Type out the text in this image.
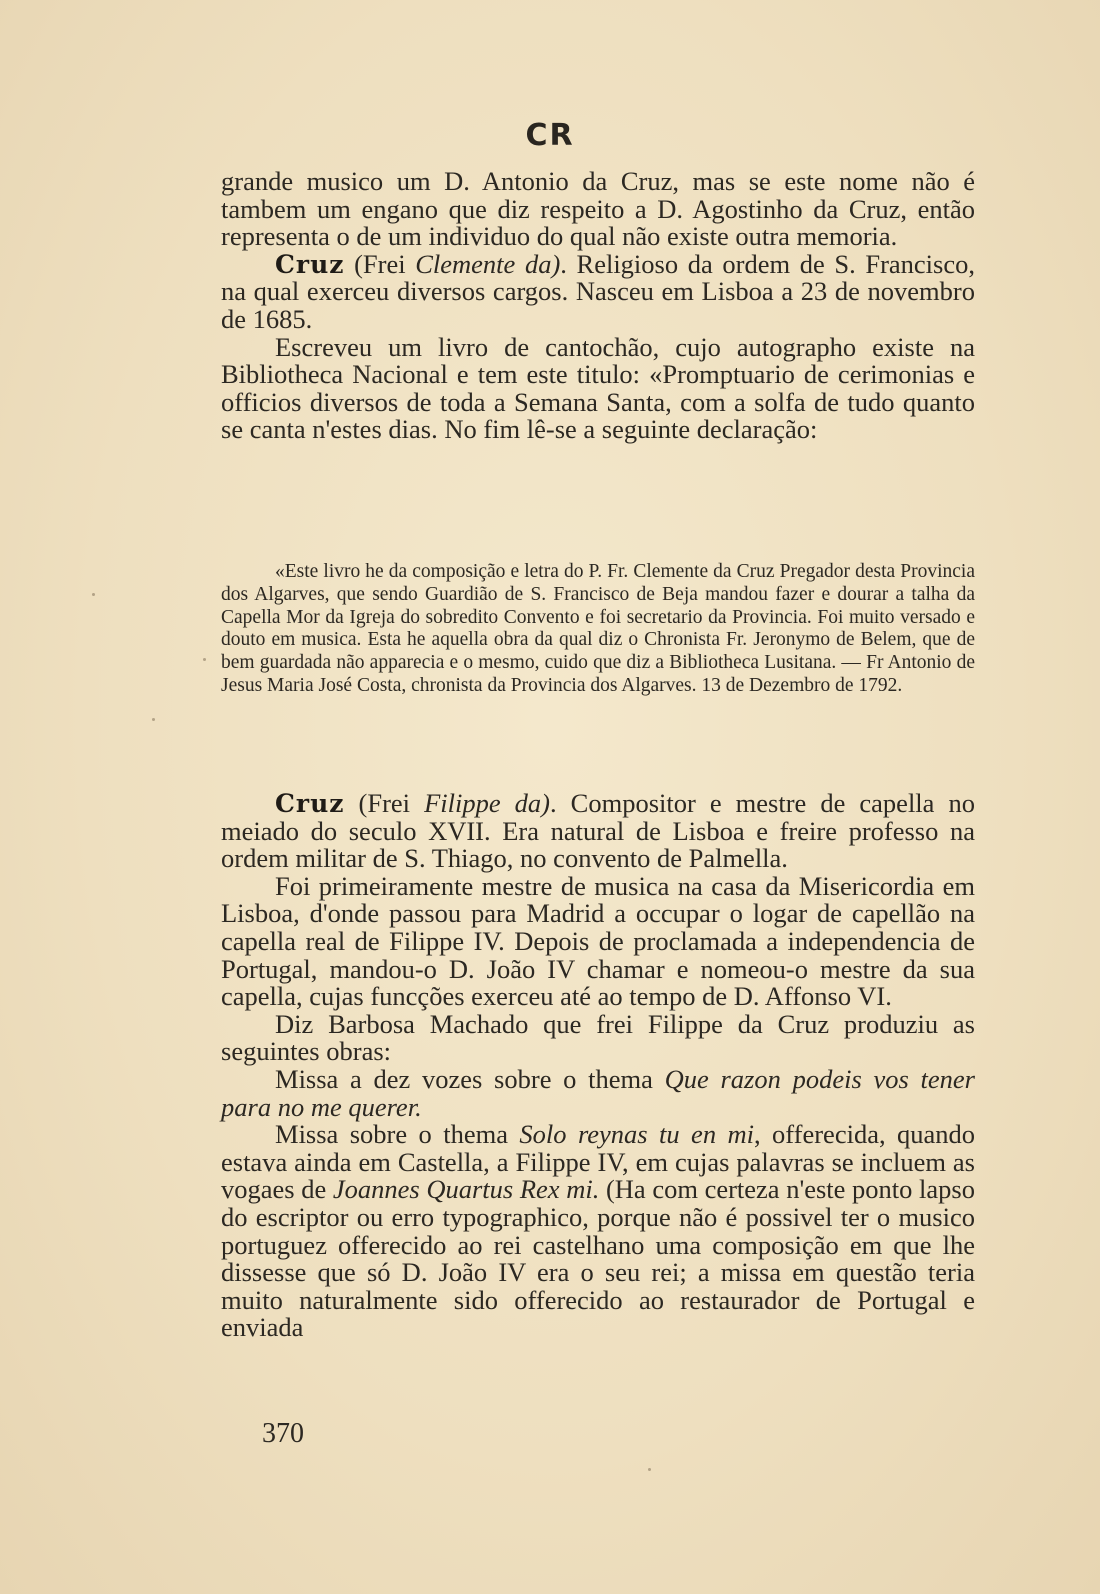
CR

grande musico um D. Antonio da Cruz, mas se este nome não é tambem um engano que diz respeito a D. Agostinho da Cruz, então representa o de um individuo do qual não existe outra memoria.

Cruz (Frei Clemente da). Religioso da ordem de S. Francisco, na qual exerceu diversos cargos. Nasceu em Lisboa a 23 de novembro de 1685.

Escreveu um livro de cantochão, cujo autographo existe na Bibliotheca Nacional e tem este titulo: «Promptuario de cerimonias e officios diversos de toda a Semana Santa, com a solfa de tudo quanto se canta n'estes dias. No fim lê-se a seguinte declaração:

«Este livro he da composição e letra do P. Fr. Clemente da Cruz Pregador desta Provincia dos Algarves, que sendo Guardião de S. Francisco de Beja mandou fazer e dourar a talha da Capella Mor da Igreja do sobredito Convento e foi secretario da Provincia. Foi muito versado e douto em musica. Esta he aquella obra da qual diz o Chronista Fr. Jeronymo de Belem, que de bem guardada não apparecia e o mesmo, cuido que diz a Bibliotheca Lusitana. — Fr Antonio de Jesus Maria José Costa, chronista da Provincia dos Algarves. 13 de Dezembro de 1792.

Cruz (Frei Filippe da). Compositor e mestre de capella no meiado do seculo XVII. Era natural de Lisboa e freire professo na ordem militar de S. Thiago, no convento de Palmella.

Foi primeiramente mestre de musica na casa da Misericordia em Lisboa, d'onde passou para Madrid a occupar o logar de capellão na capella real de Filippe IV. Depois de proclamada a independencia de Portugal, mandou-o D. João IV chamar e nomeou-o mestre da sua capella, cujas funcções exerceu até ao tempo de D. Affonso VI.

Diz Barbosa Machado que frei Filippe da Cruz produziu as seguintes obras:

Missa a dez vozes sobre o thema Que razon podeis vos tener para no me querer.

Missa sobre o thema Solo reynas tu en mi, offerecida, quando estava ainda em Castella, a Filippe IV, em cujas palavras se incluem as vogaes de Joannes Quartus Rex mi. (Ha com certeza n'este ponto lapso do escriptor ou erro typographico, porque não é possivel ter o musico portuguez offerecido ao rei castelhano uma composição em que lhe dissesse que só D. João IV era o seu rei; a missa em questão teria muito naturalmente sido offerecido ao restaurador de Portugal e enviada

370
